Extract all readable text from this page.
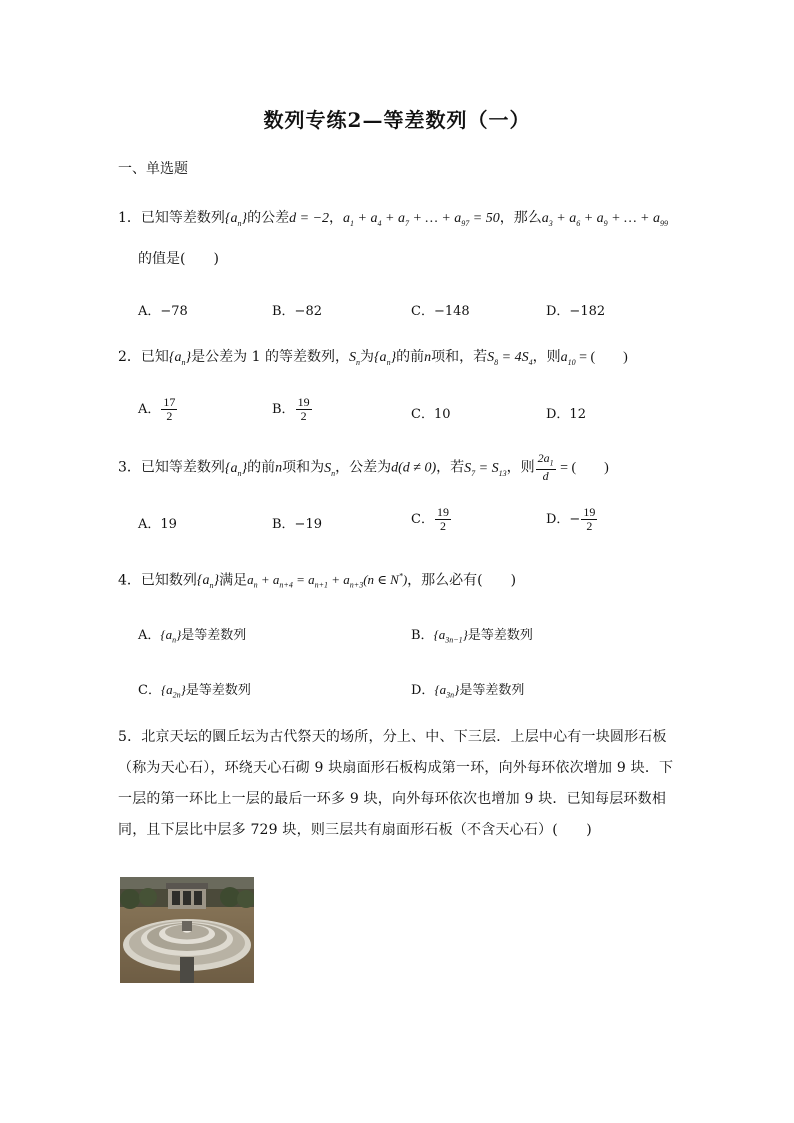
数列专练2—等差数列（一）
一、单选题
1．已知等差数列$\{a_n\}$的公差d = −2，$a_1 + a_4 + a_7$ + … + $a_{97} = 50$，那么$a_3 + a_6 + a_9$ + … + $a_{99}$
的值是(　　)
A．−78	B．−82	C．−148	D．−182
2．已知$\{a_n\}$是公差为 1 的等差数列，$S_n$为$\{a_n\}$的前n项和，若$S_8 = 4S_4$，则$a_{10}$ = (　　)
A． $\frac{17}{2}$	B． $\frac{19}{2}$	C．10	D．12
3．已知等差数列$\{a_n\}$的前n项和为$S_n$，公差为d(d ≠ 0)，若$S_7 = S_{13}$，则 $\frac{2a_1}{d}$ = (　　)
A．19	B．−19	C． $\frac{19}{2}$	D．− $\frac{19}{2}$
4．已知数列$\{a_n\}$满足$a_n + a_{n+4} = a_{n+1} + a_{n+3}(n$ ∈ N*)，那么必有(　　)
A．$\{a_n\}$是等差数列	B．$\{a_{3n-1}\}$是等差数列
C．$\{a_{2n}\}$是等差数列	D．$\{a_{3n}\}$是等差数列
5．北京天坛的圜丘坛为古代祭天的场所，分上、中、下三层．上层中心有一块圆形石板（称为天心石），环绕天心石砌 9 块扇面形石板构成第一环，向外每环依次增加 9 块．下一层的第一环比上一层的最后一环多 9 块，向外每环依次也增加 9 块．已知每层环数相同，且下层比中层多 729 块，则三层共有扇面形石板（不含天心石）(　　)
